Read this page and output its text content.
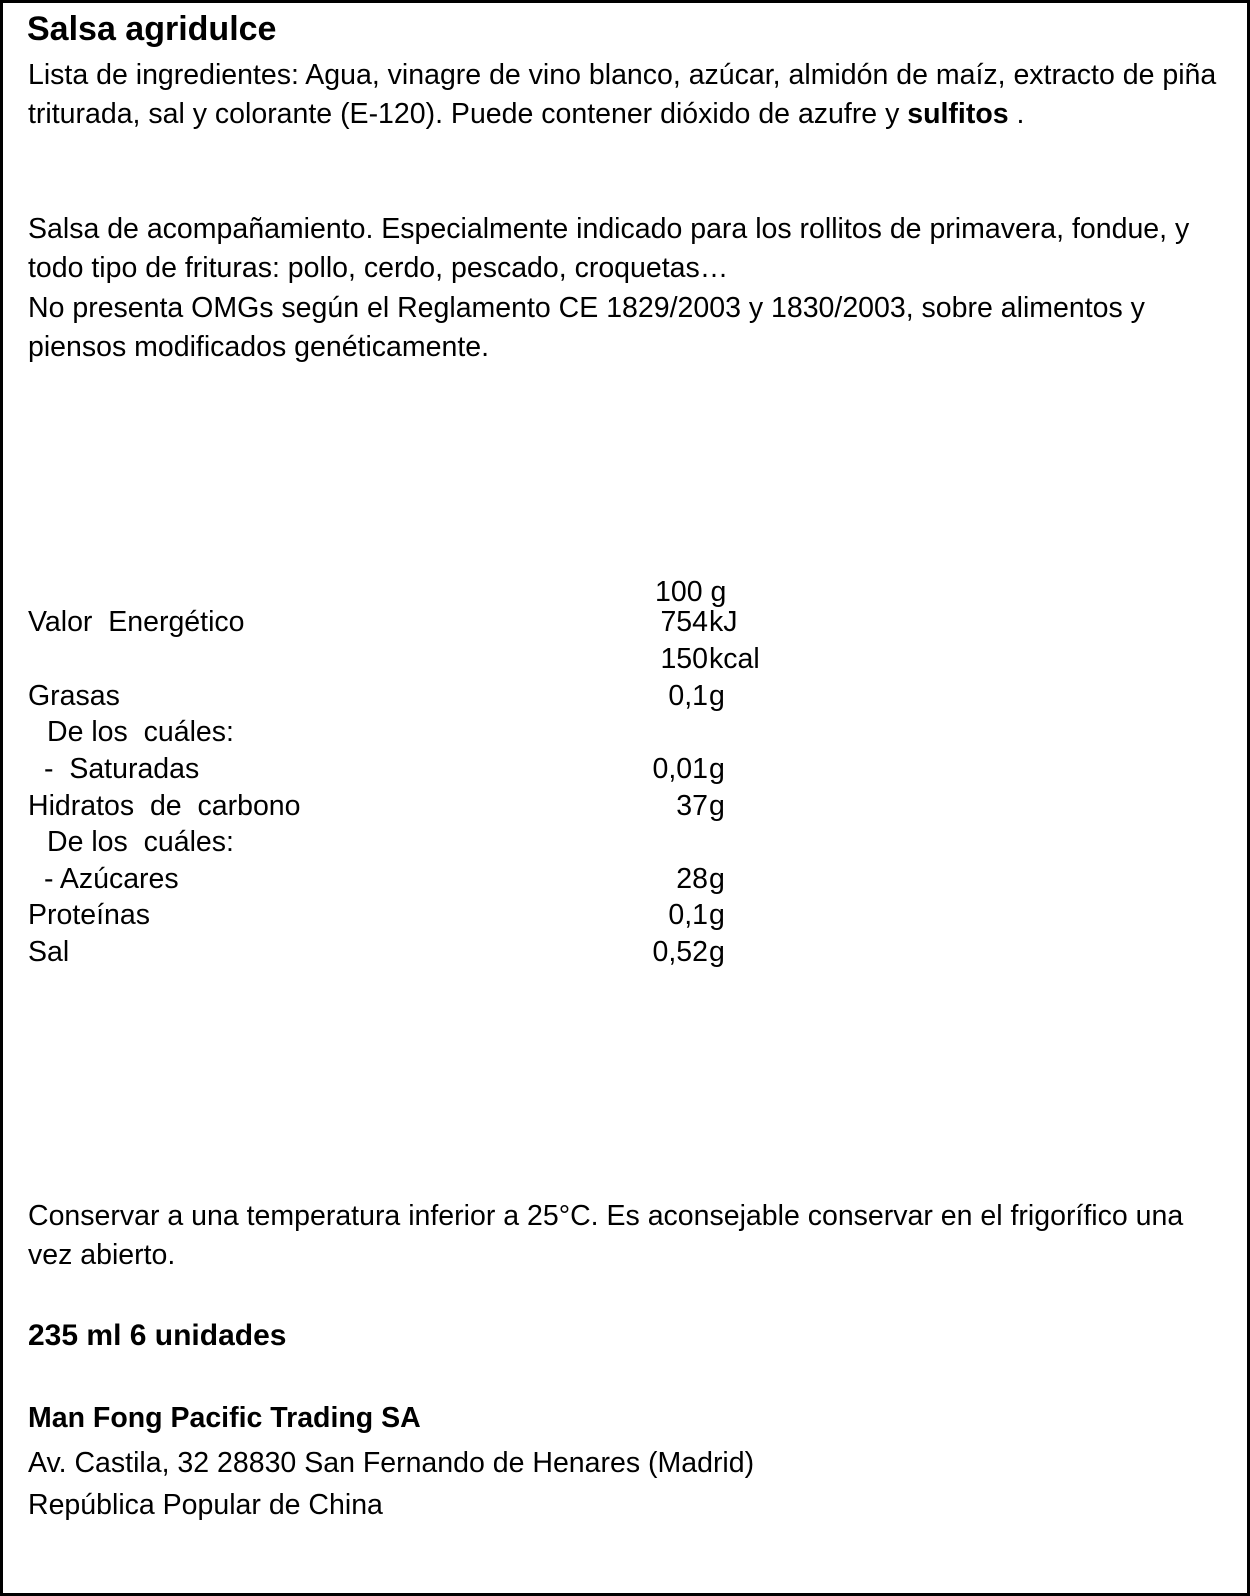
Salsa agridulce

Lista de ingredientes: Agua, vinagre de vino blanco, azúcar, almidón de maíz, extracto de piña triturada, sal y colorante (E-120). Puede contener dióxido de azufre y sulfitos .

Salsa de acompañamiento. Especialmente indicado para los rollitos de primavera, fondue, y todo tipo de frituras: pollo, cerdo, pescado, croquetas…

No presenta OMGs según el Reglamento CE 1829/2003 y 1830/2003, sobre alimentos y piensos modificados genéticamente.

100 g
Valor  Energético	754 kJ
150 kcal
Grasas	0,1 g
De los  cuáles:
-  Saturadas	0,01 g
Hidratos  de  carbono	37 g
De los  cuáles:
- Azúcares	28 g
Proteínas	0,1 g
Sal	0,52 g

Conservar a una temperatura inferior a 25°C. Es aconsejable conservar en el frigorífico una vez abierto.

235 ml 6 unidades

Man Fong Pacific Trading SA

Av. Castila, 32 28830 San Fernando de Henares (Madrid)

República Popular de China
